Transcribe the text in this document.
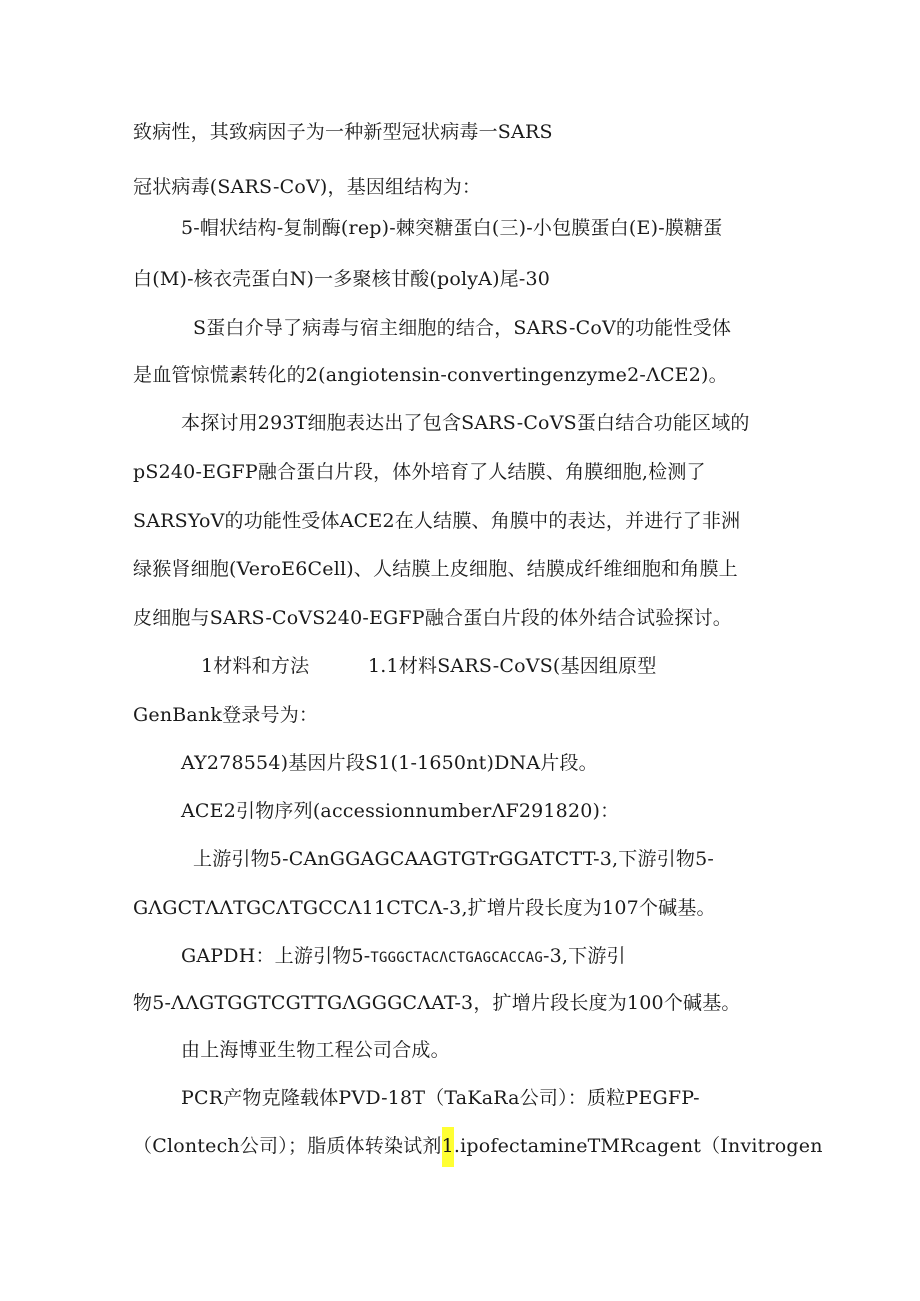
致病性，其致病因子为一种新型冠状病毒一SARS
冠状病毒(SARS-CoV)，基因组结构为：
5-帽状结构-复制酶(rep)-棘突糖蛋白(三)-小包膜蛋白(E)-膜糖蛋
白(M)-核衣壳蛋白N)一多聚核甘酸(polyA)尾-30
S蛋白介导了病毒与宿主细胞的结合，SARS-CoV的功能性受体
是血管惊慌素转化的2(angiotensin-convertingenzyme2-ΛCE2)。
本探讨用293T细胞表达出了包含SARS-CoVS蛋白结合功能区域的
pS240-EGFP融合蛋白片段，体外培育了人结膜、角膜细胞,检测了
SARSYoV的功能性受体ACE2在人结膜、角膜中的表达，并进行了非洲
绿猴肾细胞(VeroE6Cell)、人结膜上皮细胞、结膜成纤维细胞和角膜上
皮细胞与SARS-CoVS240-EGFP融合蛋白片段的体外结合试验探讨。
1材料和方法	1.1材料SARS-CoVS(基因组原型
GenBank登录号为：
AY278554)基因片段S1(1-1650nt)DNA片段。
ACE2引物序列(accessionnumberΛF291820)：
上游引物5-CAnGGAGCAAGTGTrGGATCTT-3,下游引物5-
GΛGCTΛΛTGCΛTGCCΛ11CTCΛ-3,扩增片段长度为107个碱基。
GAPDH：上游引物5-TGGGCTACΛCTGAGCACCAG-3,下游引
物5-ΛΛGTGGTCGTTGΛGGGCΛAT-3，扩增片段长度为100个碱基。
由上海博亚生物工程公司合成。
PCR产物克隆载体PVD-18T（TaKaRa公司）：质粒PEGFP-
（Clontech公司）；脂质体转染试剂1.ipofectamineTMRcagent（Invitrogen
